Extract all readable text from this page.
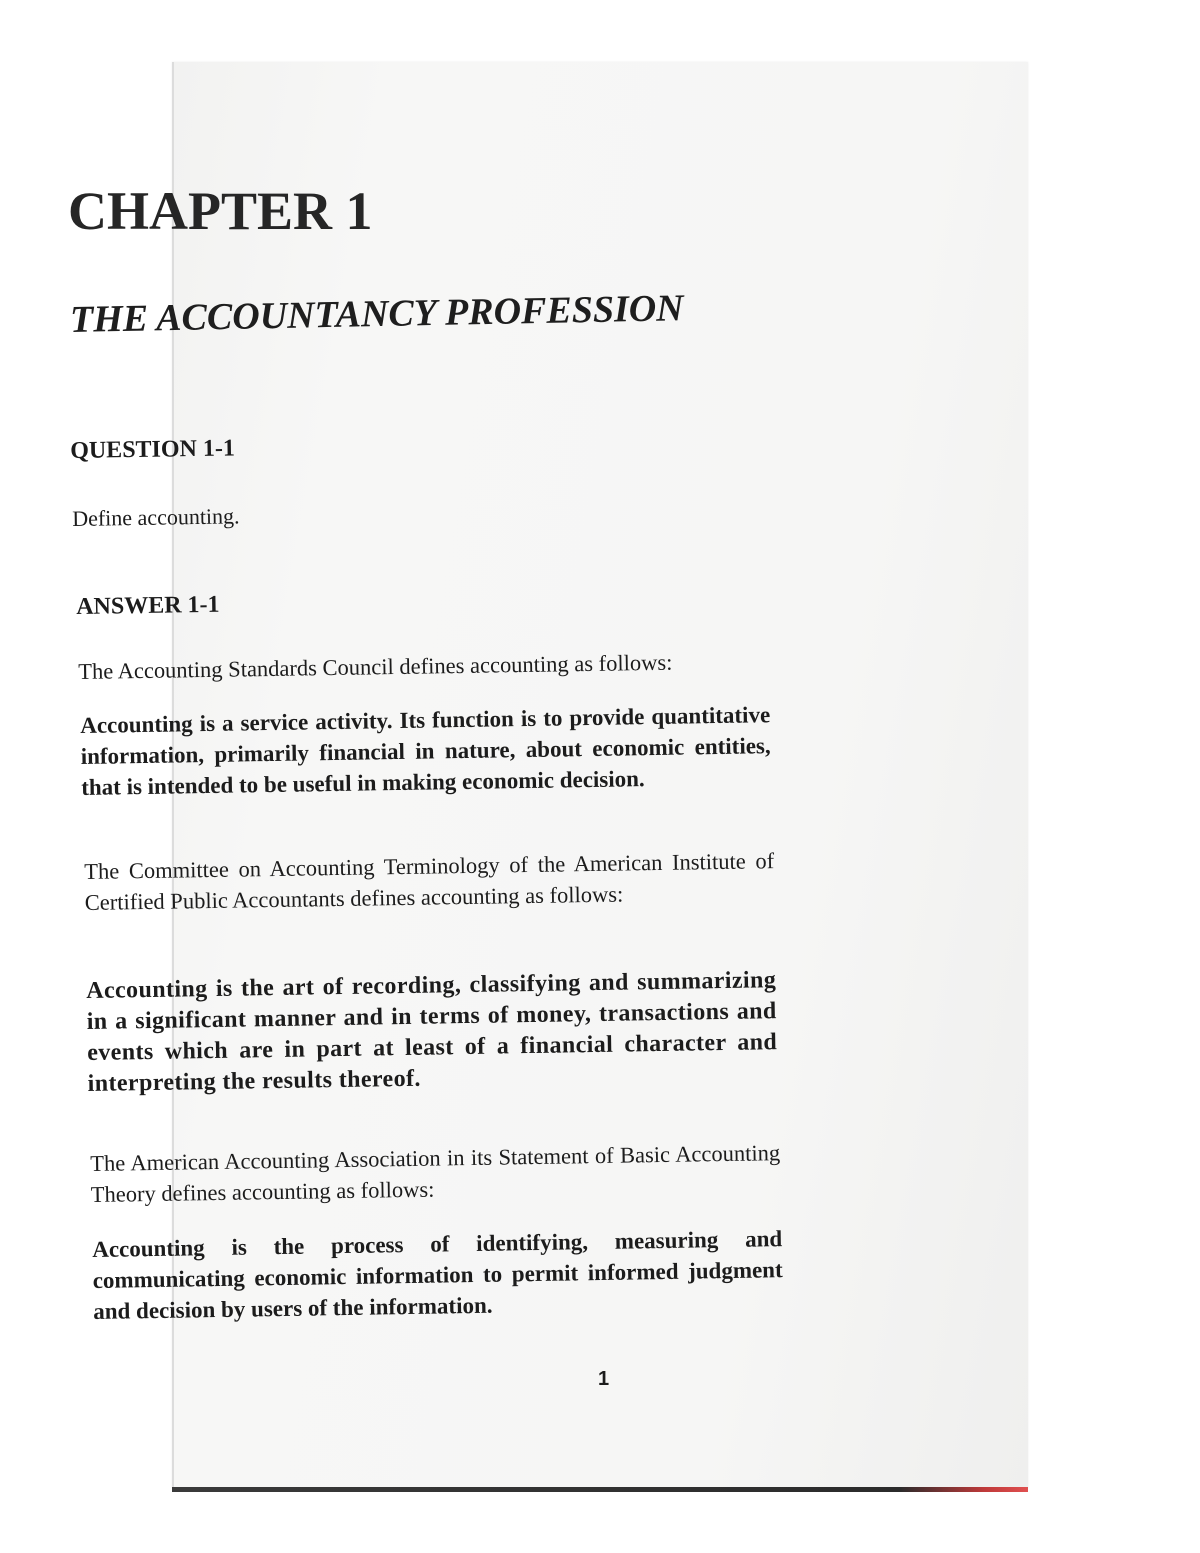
CHAPTER 1
THE ACCOUNTANCY PROFESSION
QUESTION 1-1
Define accounting.
ANSWER 1-1
The Accounting Standards Council defines accounting as follows:
Accounting is a service activity. Its function is to provide quantitative information, primarily financial in nature, about economic entities, that is intended to be useful in making economic decision.
The Committee on Accounting Terminology of the American Institute of Certified Public Accountants defines accounting as follows:
Accounting is the art of recording, classifying and summarizing in a significant manner and in terms of money, transactions and events which are in part at least of a financial character and interpreting the results thereof.
The American Accounting Association in its Statement of Basic Accounting Theory defines accounting as follows:
Accounting is the process of identifying, measuring and communicating economic information to permit informed judgment and decision by users of the information.
1
